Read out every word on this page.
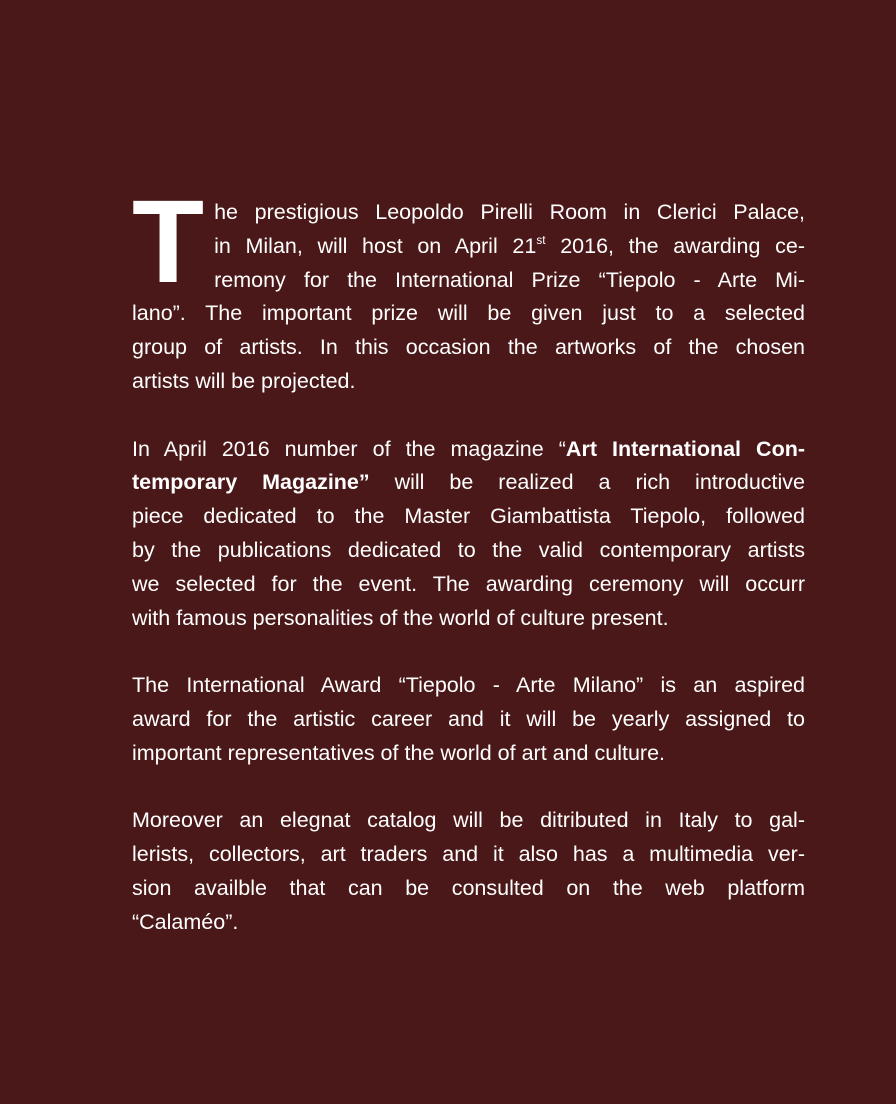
T he prestigious Leopoldo Pirelli Room in Clerici Palace,
in Milan, will host on April 21st 2016, the awarding ce-
remony for the International Prize “Tiepolo - Arte Mi-
lano”. The important prize will be given just to a selected
group of artists. In this occasion the artworks of the chosen
artists will be projected.
In April 2016 number of the magazine “Art International Con-
temporary Magazine” will be realized a rich introductive
piece dedicated to the Master Giambattista Tiepolo, followed
by the publications dedicated to the valid contemporary artists
we selected for the event. The awarding ceremony will occurr
with famous personalities of the world of culture present.
The International Award “Tiepolo - Arte Milano” is an aspired
award for the artistic career and it will be yearly assigned to
important representatives of the world of art and culture.
Moreover an elegnat catalog will be ditributed in Italy to gal-
lerists, collectors, art traders and it also has a multimedia ver-
sion availble that can be consulted on the web platform
“Calaméo”.
